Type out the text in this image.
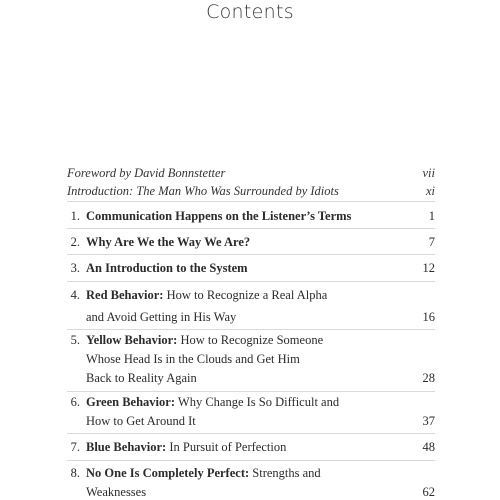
Contents
Foreword by David Bonnstetter	vii
Introduction: The Man Who Was Surrounded by Idiots	xi
1. Communication Happens on the Listener’s Terms	1
2. Why Are We the Way We Are?	7
3. An Introduction to the System	12
4. Red Behavior: How to Recognize a Real Alpha
and Avoid Getting in His Way	16
5. Yellow Behavior: How to Recognize Someone
Whose Head Is in the Clouds and Get Him
Back to Reality Again	28
6. Green Behavior: Why Change Is So Difficult and
How to Get Around It	37
7. Blue Behavior: In Pursuit of Perfection	48
8. No One Is Completely Perfect: Strengths and
Weaknesses	62
